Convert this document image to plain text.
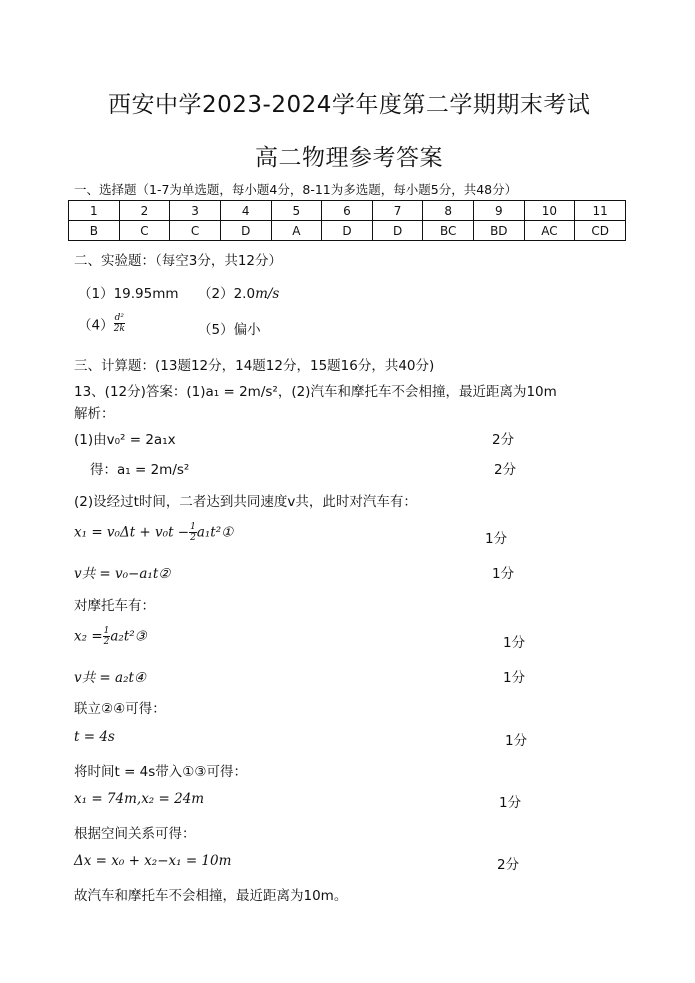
西安中学2023-2024学年度第二学期期末考试
高二物理参考答案
一、选择题（1-7为单选题，每小题4分，8-11为多选题，每小题5分，共48分）
1	2	3	4	5	6	7	8	9	10	11
B	C	C	D	A	D	D	BC	BD	AC	CD
二、实验题：（每空3分，共12分）
（1）19.95mm （2）2.0m/s
$(4) \frac{\text{d²}}{2k}$	（5）偏小
三、计算题：(13题12分，14题12分，15题16分，共40分)
13、(12分)答案：(1)a₁ = 2m/s²，(2)汽车和摩托车不会相撞，最近距离为10m
解析：
(1)由v₀² = 2a₁x	2分
得：a₁ = 2m/s²	2分
(2)设经过t时间，二者达到共同速度v共，此时对汽车有：
$x_1 = v_0\Delta t + v_0t - \frac{1}{2}$ a₁t²①	1分
v共 = v₀−a₁t②	1分
对摩托车有：
$x_2 = \frac{1}{2}$ a₂t²③	1分
v共 = a₂t④	1分
联立②④可得：
t = 4s	1分
将时间t = 4s带入①③可得：
x₁ = 74m,x₂ = 24m	1分
根据空间关系可得：
Δx = x₀ + x₂−x₁ = 10m	2分
故汽车和摩托车不会相撞，最近距离为10m。
